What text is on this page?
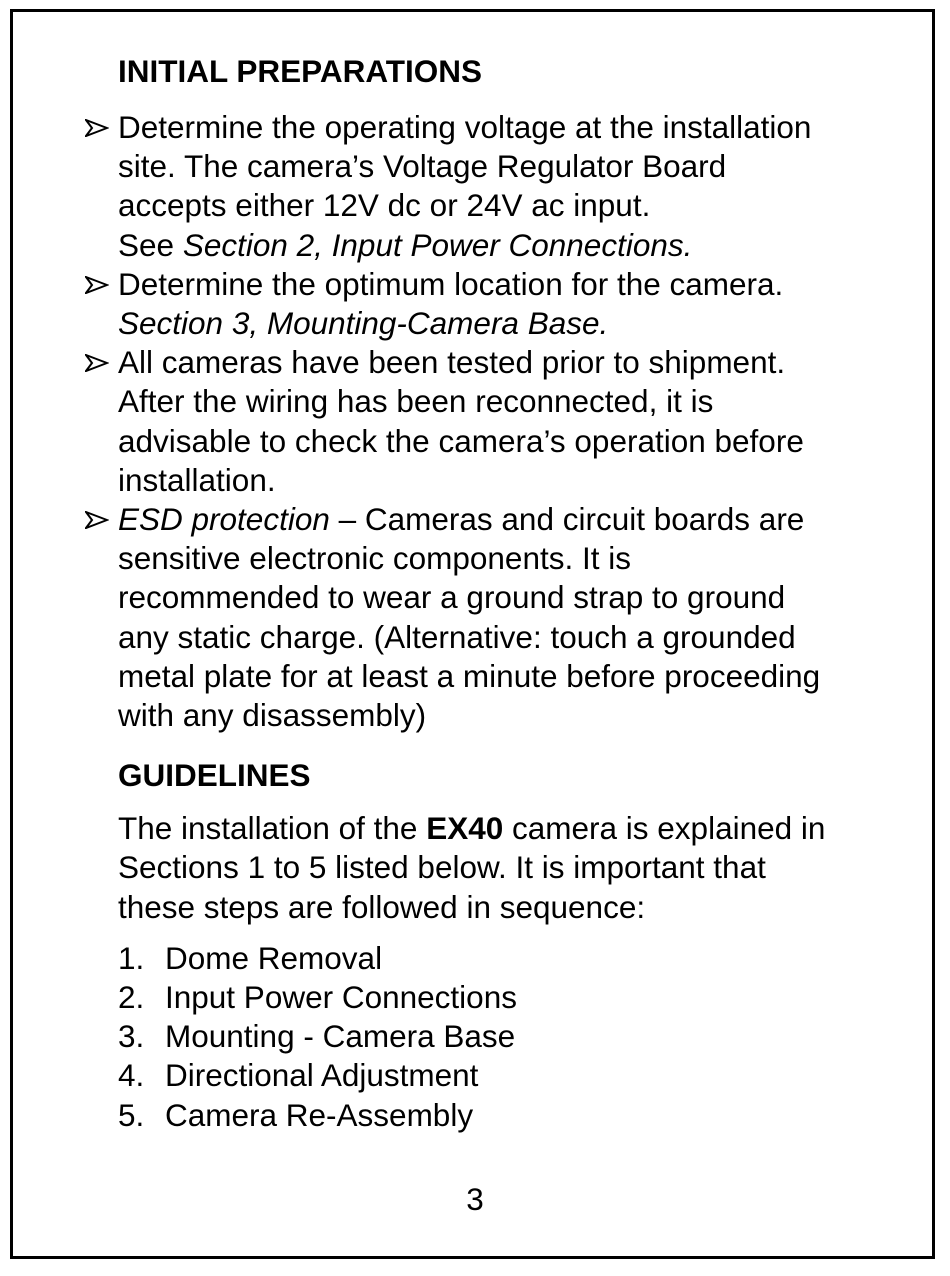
INITIAL PREPARATIONS
Determine the operating voltage at the installation
site. The camera’s Voltage Regulator Board
accepts either 12V dc or 24V ac input.
See Section 2, Input Power Connections.
Determine the optimum location for the camera.
Section 3, Mounting-Camera Base.
All cameras have been tested prior to shipment.
After the wiring has been reconnected, it is
advisable to check the camera’s operation before
installation.
ESD protection – Cameras and circuit boards are
sensitive electronic components. It is
recommended to wear a ground strap to ground
any static charge. (Alternative: touch a grounded
metal plate for at least a minute before proceeding
with any disassembly)
GUIDELINES
The installation of the EX40 camera is explained in
Sections 1 to 5 listed below. It is important that
these steps are followed in sequence:
1. Dome Removal
2. Input Power Connections
3. Mounting - Camera Base
4. Directional Adjustment
5. Camera Re-Assembly
3
